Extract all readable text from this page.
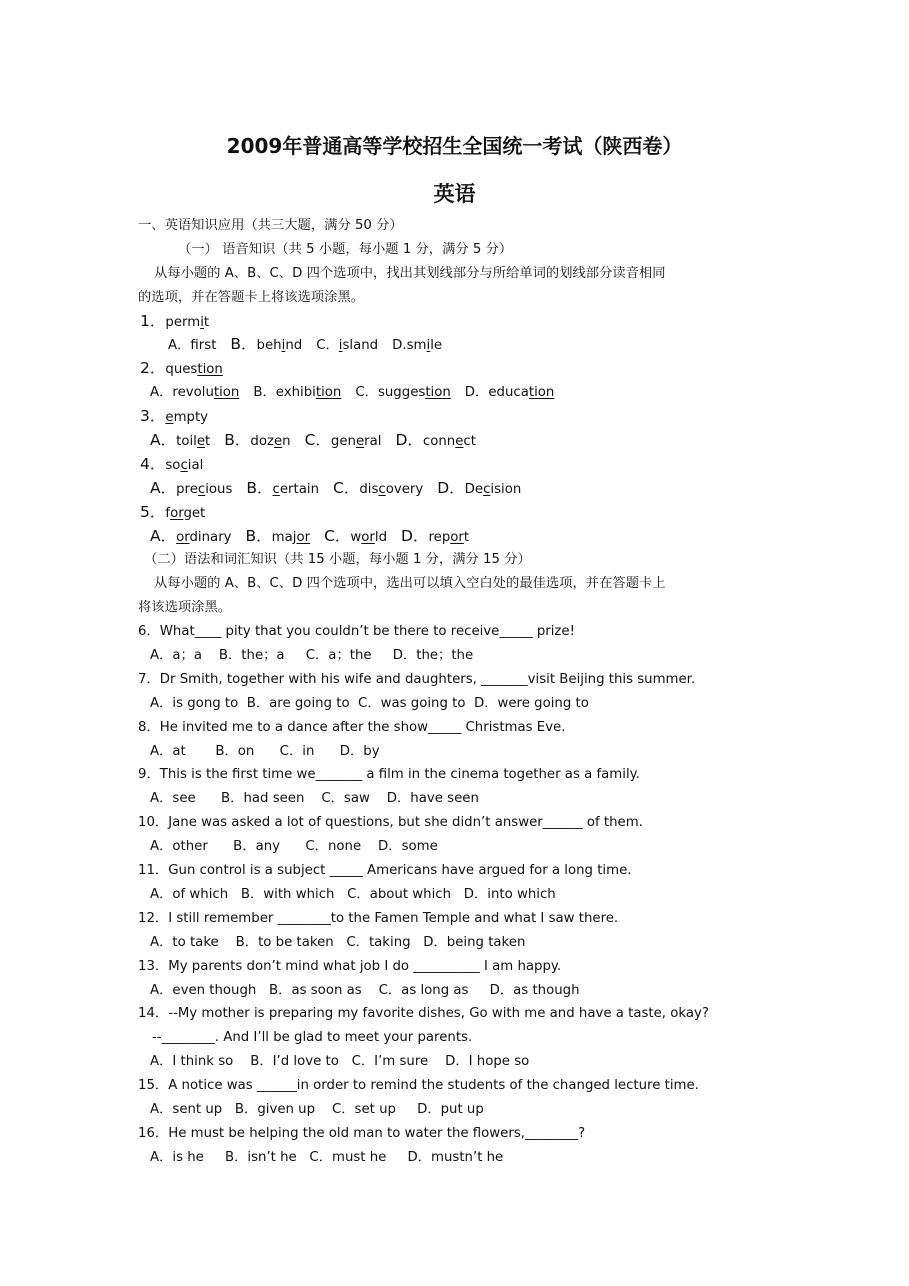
2009年普通高等学校招生全国统一考试（陕西卷）
英语
一、英语知识应用（共三大题，满分 50 分）
（一） 语音知识（共 5 小题，每小题 1 分，满分 5 分）
从每小题的 A、B、C、D 四个选项中，找出其划线部分与所给单词的划线部分读音相同
的选项，并在答题卡上将该选项涂黑。
1．permit
A．frst B．behind C．island D.smile
2．question
A．revolution B．exhibition C．suggestion D．education
3．empty
A．toilet B．dozen C．general D．connect
4．social
A．precious B．certain C．discovery D．Decision
5．forget
A．ordinary B．major C．world D．report
（二）语法和词汇知识（共 15 小题，每小题 1 分，满分 15 分）
从每小题的 A、B、C、D 四个选项中，选出可以填入空白处的最佳选项，并在答题卡上
将该选项涂黑。
6．What____ pity that you couldn’t be there to receive_____ prize!
A．a；a    B．the；a     C．a；the     D．the；the
7．Dr Smith, together with his wife and daughters, _______visit Beijing this summer.
A．is gong to  B．are going to  C．was going to  D．were going to
8．He invited me to a dance after the show_____ Christmas Eve.
A．at       B．on      C．in      D．by
9．This is the first time we_______ a film in the cinema together as a family.
A．see      B．had seen    C．saw    D．have seen
10．Jane was asked a lot of questions, but she didn’t answer______ of them.
A．other      B．any      C．none    D．some
11．Gun control is a subject _____ Americans have argued for a long time.
A．of which   B．with which   C．about which   D．into which
12．I still remember ________to the Famen Temple and what I saw there.
A．to take    B．to be taken   C．taking   D．being taken
13．My parents don’t mind what job I do __________ I am happy.
A．even though   B．as soon as    C．as long as     D．as though
14．--My mother is preparing my favorite dishes, Go with me and have a taste, okay?
--________. And I’ll be glad to meet your parents.
A．I think so    B．I’d love to   C．I’m sure    D．I hope so
15．A notice was ______in order to remind the students of the changed lecture time.
A．sent up   B．given up    C．set up     D．put up
16．He must be helping the old man to water the flowers,________?
A．is he     B．isn’t he   C．must he     D．mustn’t he
